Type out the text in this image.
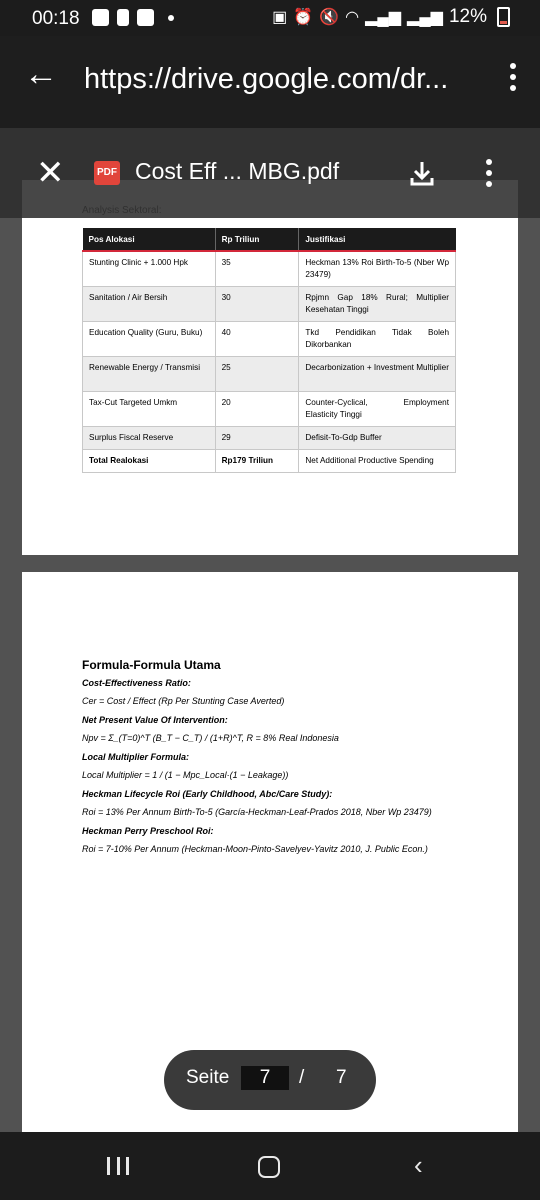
00:18	▣ ⏰ 🔇 ◠ ▂▄▆ ▂▄▆ 12%
← https://drive.google.com/dr...
✕	PDF Cost Eff ... MBG.pdf
Pos Alokasi	Rp Triliun	Justifikasi
Stunting Clinic + 1.000 Hpk	35	Heckman 13% Roi Birth-To-5 (Nber Wp 23479)
Sanitation / Air Bersih	30	Rpjmn Gap 18% Rural; Multiplier Kesehatan Tinggi
Education Quality (Guru, Buku)	40	Tkd Pendidikan Tidak Boleh Dikorbankan
Renewable Energy / Transmisi	25	Decarbonization + Investment Multiplier
Tax-Cut Targeted Umkm	20	Counter-Cyclical, Employment Elasticity Tinggi
Surplus Fiscal Reserve	29	Defisit-To-Gdp Buffer
Total Realokasi	Rp179 Triliun	Net Additional Productive Spending
Formula-Formula Utama
Cost-Effectiveness Ratio:
Cer = Cost / Effect (Rp Per Stunting Case Averted)
Net Present Value Of Intervention:
Npv = Σ_(T=0)^T (B_T − C_T) / (1+R)^T, R = 8% Real Indonesia
Local Multiplier Formula:
Local Multiplier = 1 / (1 − Mpc_Local·(1 − Leakage))
Heckman Lifecycle Roi (Early Childhood, Abc/Care Study):
Roi = 13% Per Annum Birth-To-5 (García-Heckman-Leaf-Prados 2018, Nber Wp 23479)
Heckman Perry Preschool Roi:
Roi = 7-10% Per Annum (Heckman-Moon-Pinto-Savelyev-Yavitz 2010, J. Public Econ.)
Seite	7	/ 7
‹
